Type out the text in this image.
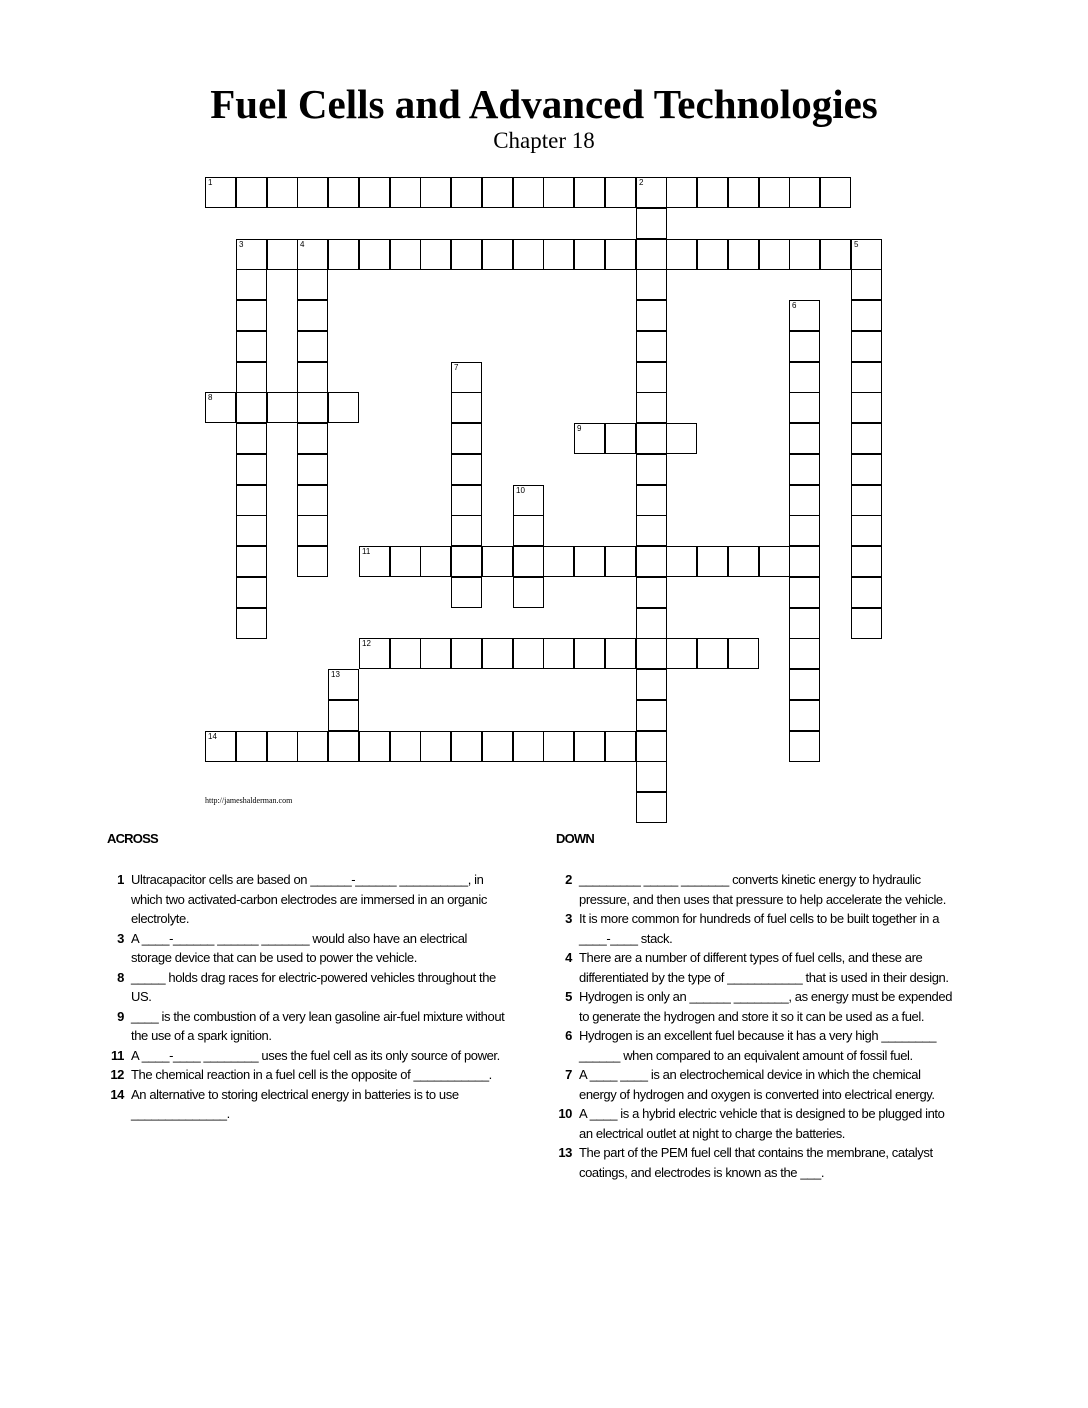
Fuel Cells and Advanced Technologies
Chapter 18
1	2
3	4	5
6
7
8
9
10
11
12
13
14
http://jameshalderman.com
ACROSS	DOWN
1 Ultracapacitor cells are based on ______-______ __________, in which two activated-carbon electrodes are immersed in an organic electrolyte.
3 A ____-______ ______ _______ would also have an electrical storage device that can be used to power the vehicle.
8 _____ holds drag races for electric-powered vehicles throughout the US.
9 ____ is the combustion of a very lean gasoline air-fuel mixture without the use of a spark ignition.
11 A ____-____ ________ uses the fuel cell as its only source of power.
12 The chemical reaction in a fuel cell is the opposite of ___________.
14 An alternative to storing electrical energy in batteries is to use ______________.
2 _________ _____ _______ converts kinetic energy to hydraulic pressure, and then uses that pressure to help accelerate the vehicle.
3 It is more common for hundreds of fuel cells to be built together in a ____-____ stack.
4 There are a number of different types of fuel cells, and these are differentiated by the type of ___________ that is used in their design.
5 Hydrogen is only an ______ ________, as energy must be expended to generate the hydrogen and store it so it can be used as a fuel.
6 Hydrogen is an excellent fuel because it has a very high ________ ______ when compared to an equivalent amount of fossil fuel.
7 A ____ ____ is an electrochemical device in which the chemical energy of hydrogen and oxygen is converted into electrical energy.
10 A ____ is a hybrid electric vehicle that is designed to be plugged into an electrical outlet at night to charge the batteries.
13 The part of the PEM fuel cell that contains the membrane, catalyst coatings, and electrodes is known as the ___.
